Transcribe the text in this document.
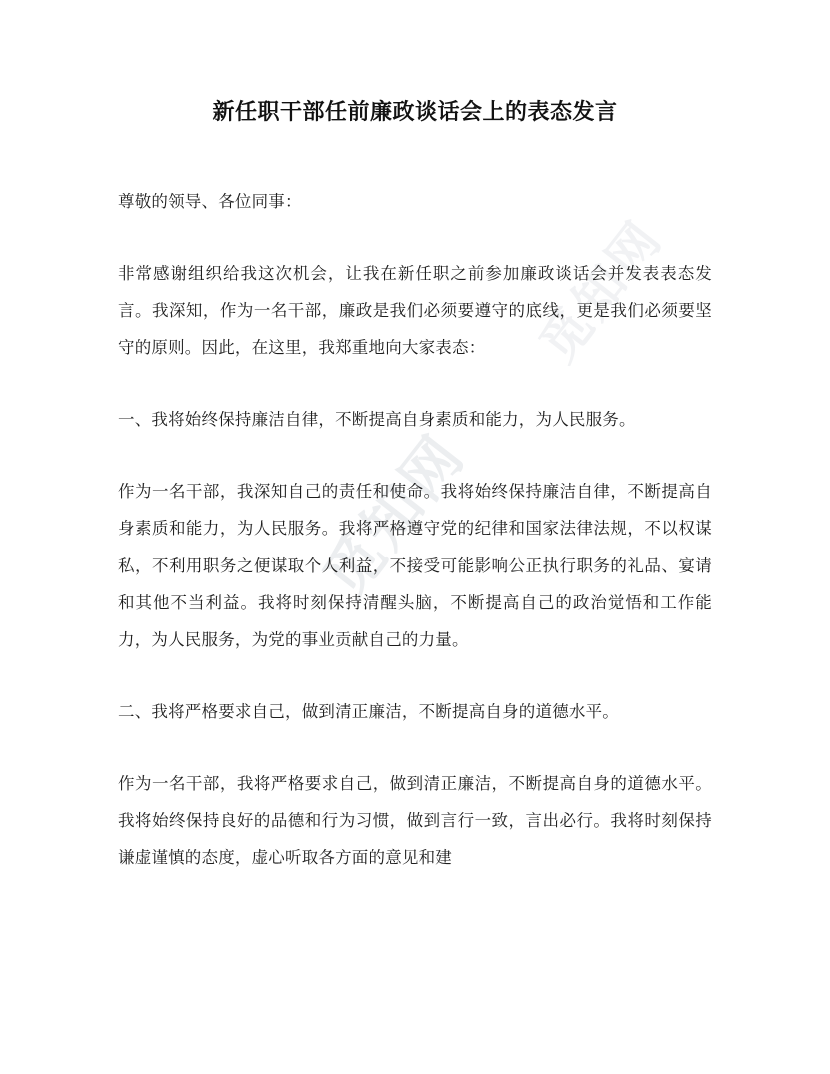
觅知网
觅知网
新任职干部任前廉政谈话会上的表态发言

尊敬的领导、各位同事：

非常感谢组织给我这次机会，让我在新任职之前参加廉政谈话会并发表表态发言。我深知，作为一名干部，廉政是我们必须要遵守的底线，更是我们必须要坚守的原则。因此，在这里，我郑重地向大家表态：

一、我将始终保持廉洁自律，不断提高自身素质和能力，为人民服务。

作为一名干部，我深知自己的责任和使命。我将始终保持廉洁自律，不断提高自身素质和能力，为人民服务。我将严格遵守党的纪律和国家法律法规，不以权谋私，不利用职务之便谋取个人利益，不接受可能影响公正执行职务的礼品、宴请和其他不当利益。我将时刻保持清醒头脑，不断提高自己的政治觉悟和工作能力，为人民服务，为党的事业贡献自己的力量。

二、我将严格要求自己，做到清正廉洁，不断提高自身的道德水平。

作为一名干部，我将严格要求自己，做到清正廉洁，不断提高自身的道德水平。我将始终保持良好的品德和行为习惯，做到言行一致，言出必行。我将时刻保持谦虚谨慎的态度，虚心听取各方面的意见和建
